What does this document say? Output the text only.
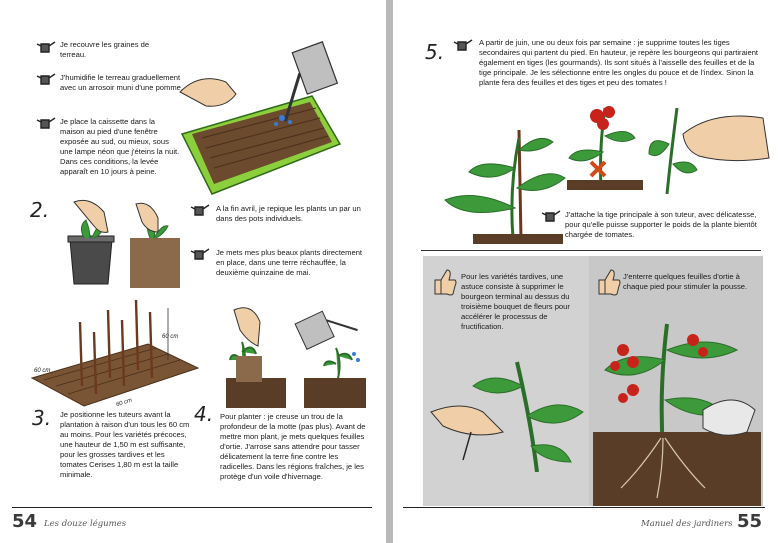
Je recouvre les graines de terreau.
J'humidifie le terreau graduellement avec un arrosoir muni d'une pomme.
Je place la caissette dans la maison au pied d'une fenêtre exposée au sud, ou mieux, sous une lampe néon que j'éteins la nuit. Dans ces conditions, la levée apparaît en 10 jours à peine.
2.	A la fin avril, je repique les plants un par un dans des pots individuels.
Je mets mes plus beaux plants directement en place, dans une terre réchauffée, la deuxième quinzaine de mai.
60 cm
60 cm
60 cm
3. Je positionne les tuteurs avant la plantation à raison d'un tous les 60 cm au moins. Pour les variétés précoces, une hauteur de 1,50 m est suffisante, pour les grosses tardives et les tomates Cerises 1,80 m est la taille minimale.
4. Pour planter : je creuse un trou de la profondeur de la motte (pas plus). Avant de mettre mon plant, je mets quelques feuilles d'ortie. J'arrose sans attendre pour tasser délicatement la terre fine contre les radicelles. Dans les régions fraîches, je les protège d'un voile d'hivernage.
54 Les douze légumes
5.	A partir de juin, une ou deux fois par semaine : je supprime toutes les tiges secondaires qui partent du pied. En hauteur, je repère les bourgeons qui partiraient également en tiges (les gourmands). Ils sont situés à l'aisselle des feuilles et de la tige principale. Je les sélectionne entre les ongles du pouce et de l'index. Sinon la plante fera des feuilles et des tiges et peu des tomates !
J'attache la tige principale à son tuteur, avec délicatesse, pour qu'elle puisse supporter le poids de la plante bientôt chargée de tomates.
Pour les variétés tardives, une astuce consiste à supprimer le bourgeon terminal au dessus du troisième bouquet de fleurs pour accélérer le processus de fructification.
J'enterre quelques feuilles d'ortie à chaque pied pour stimuler la pousse.
Manuel des jardiners 55
